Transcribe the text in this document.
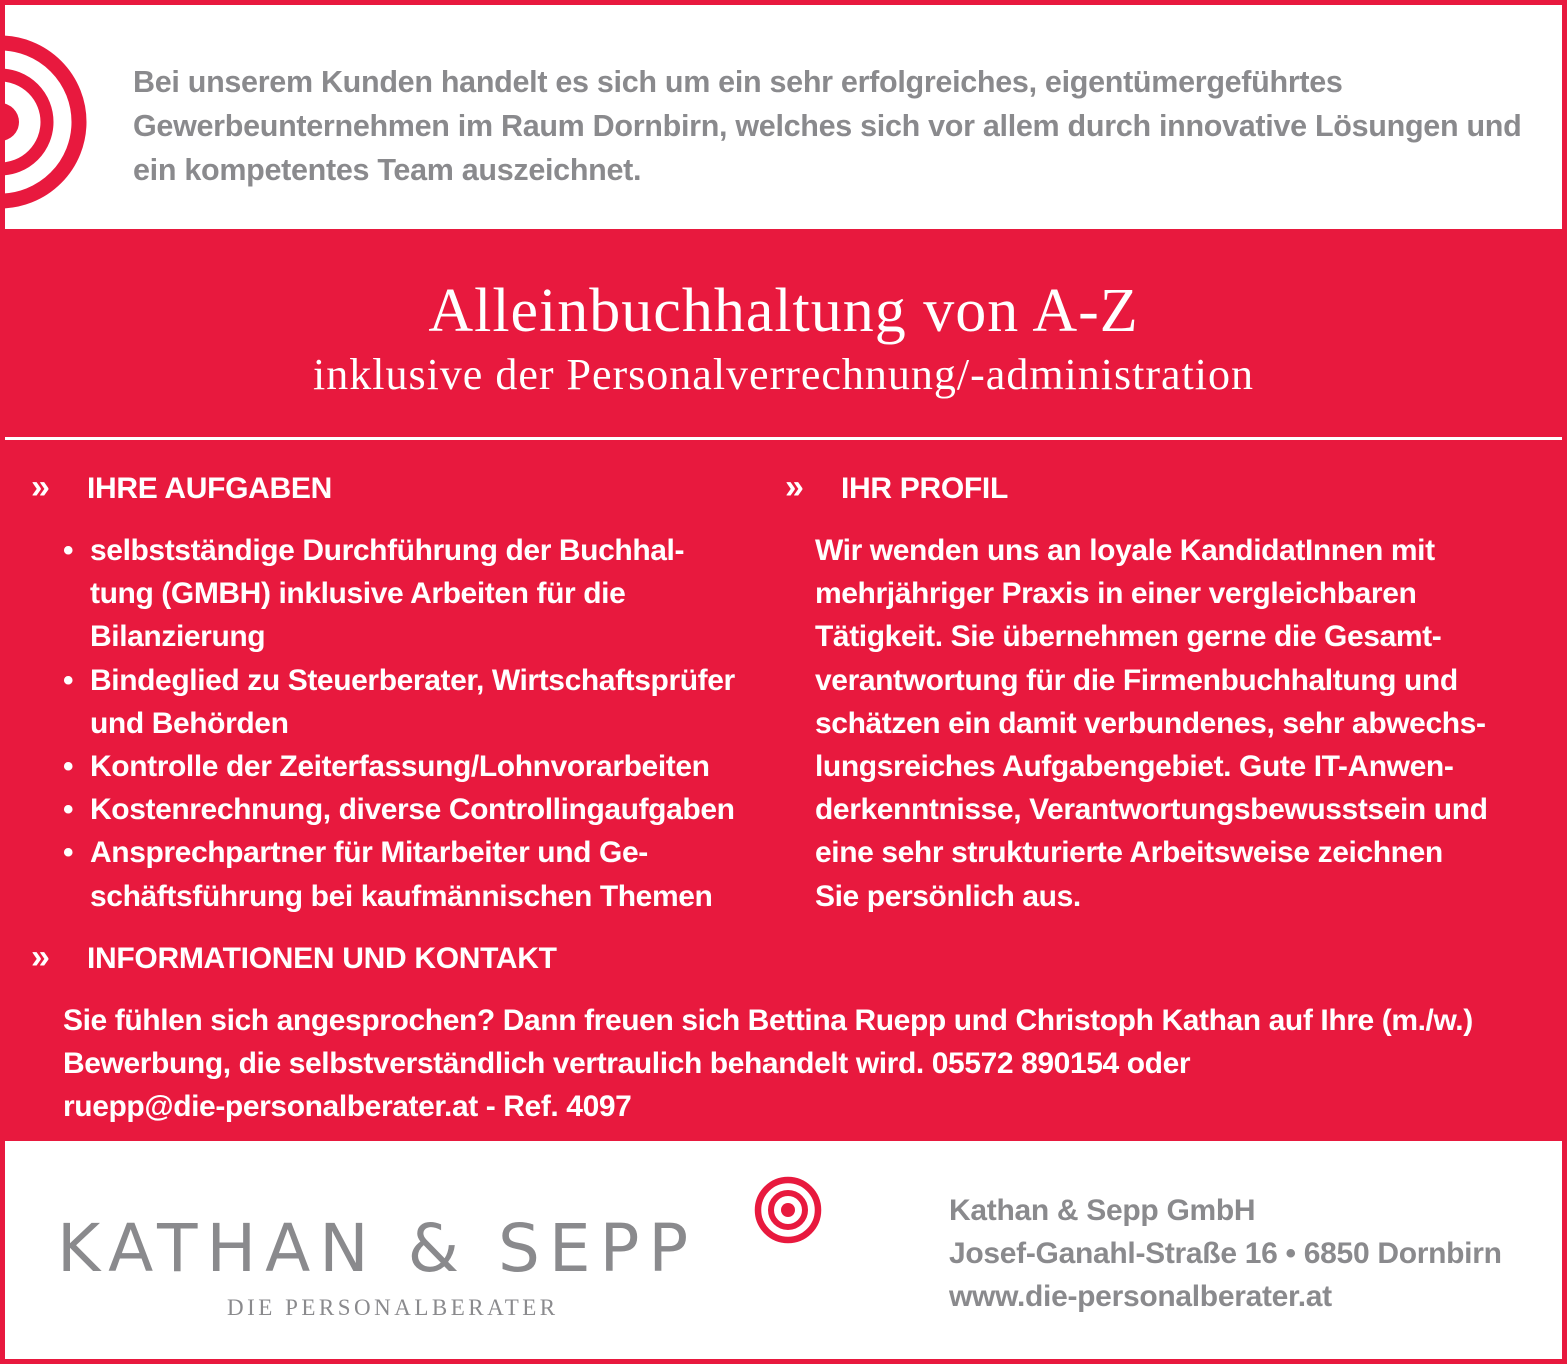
Bei unserem Kunden handelt es sich um ein sehr erfolgreiches, eigentümergeführtes
Gewerbeunternehmen im Raum Dornbirn, welches sich vor allem durch innovative Lösungen und
ein kompetentes Team auszeichnet.
Alleinbuchhaltung von A-Z
inklusive der Personalverrechnung/-administration
» IHRE AUFGABEN
• selbstständige Durchführung der Buchhal-
tung (GMBH) inklusive Arbeiten für die
Bilanzierung
• Bindeglied zu Steuerberater, Wirtschaftsprüfer
und Behörden
• Kontrolle der Zeiterfassung/Lohnvorarbeiten
• Kostenrechnung, diverse Controllingaufgaben
• Ansprechpartner für Mitarbeiter und Ge-
schäftsführung bei kaufmännischen Themen
» IHR PROFIL
Wir wenden uns an loyale KandidatInnen mit
mehrjähriger Praxis in einer vergleichbaren
Tätigkeit. Sie übernehmen gerne die Gesamt-
verantwortung für die Firmenbuchhaltung und
schätzen ein damit verbundenes, sehr abwechs-
lungsreiches Aufgabengebiet. Gute IT-Anwen-
derkenntnisse, Verantwortungsbewusstsein und
eine sehr strukturierte Arbeitsweise zeichnen
Sie persönlich aus.
» INFORMATIONEN UND KONTAKT
Sie fühlen sich angesprochen? Dann freuen sich Bettina Ruepp und Christoph Kathan auf Ihre (m./w.)
Bewerbung, die selbstverständlich vertraulich behandelt wird. 05572 890154 oder
ruepp@die-personalberater.at - Ref. 4097
KATHAN & SEPP
DIE PERSONALBERATER
Kathan & Sepp GmbH
Josef-Ganahl-Straße 16 • 6850 Dornbirn
www.die-personalberater.at
